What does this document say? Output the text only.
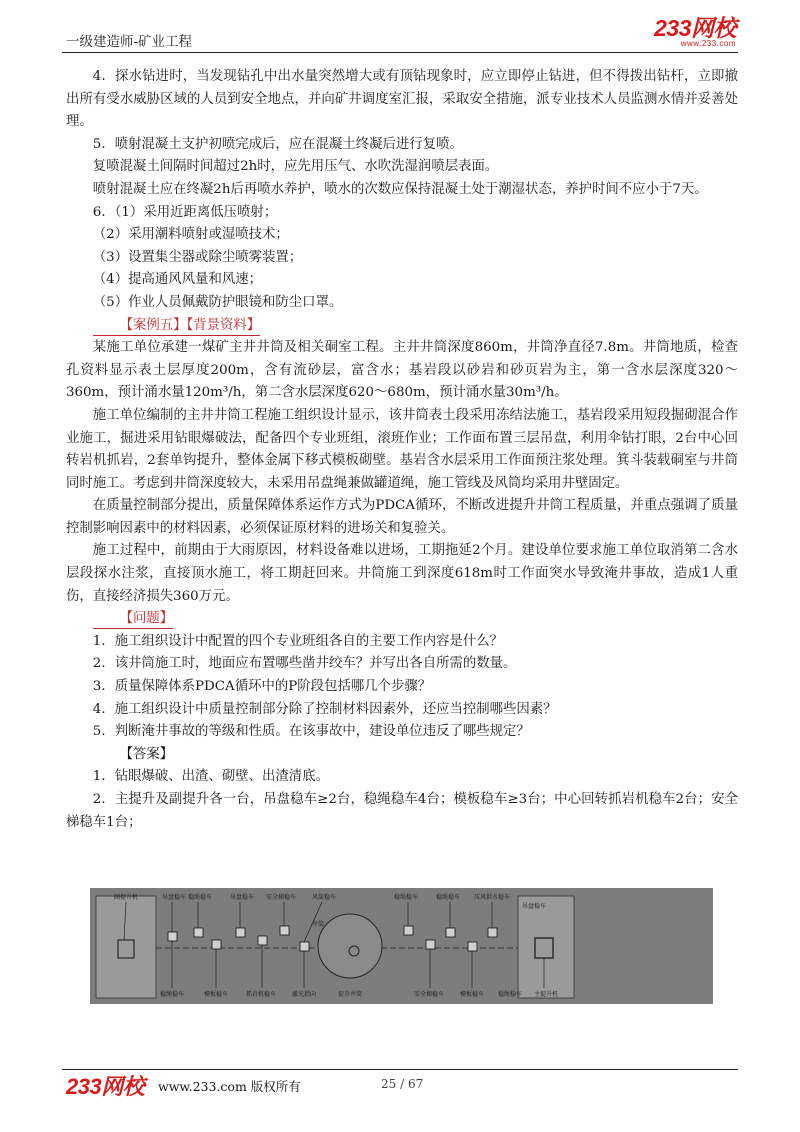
一级建造师-矿业工程
233网校
www.233.com

4．探水钻进时，当发现钻孔中出水量突然增大或有顶钻现象时，应立即停止钻进，但不得拨出钻杆，立即撤出所有受水威胁区域的人员到安全地点，并向矿井调度室汇报，采取安全措施，派专业技术人员监测水情并妥善处理。

5．喷射混凝土支护初喷完成后，应在混凝土终凝后进行复喷。

复喷混凝土间隔时间超过2h时，应先用压气、水吹洗湿润喷层表面。

喷射混凝土应在终凝2h后再喷水养护，喷水的次数应保持混凝土处于潮湿状态，养护时间不应小于7天。

6．（1）采用近距离低压喷射；

（2）采用潮料喷射或湿喷技术；

（3）设置集尘器或除尘喷雾装置；

（4）提高通风风量和风速；

（5）作业人员佩戴防护眼镜和防尘口罩。

【案例五】【背景资料】

某施工单位承建一煤矿主井井筒及相关硐室工程。主井井筒深度860m，井筒净直径7.8m。井筒地质，检查孔资料显示表土层厚度200m，含有流砂层，富含水；基岩段以砂岩和砂页岩为主，第一含水层深度320～360m，预计涌水量120m³/h，第二含水层深度620～680m，预计涌水量30m³/h。

施工单位编制的主井井筒工程施工组织设计显示，该井筒表土段采用冻结法施工，基岩段采用短段掘砌混合作业施工，掘进采用钻眼爆破法，配备四个专业班组，滚班作业；工作面布置三层吊盘，利用伞钻打眼，2台中心回转岩机抓岩，2套单钩提升，整体金属下移式模板砌壁。基岩含水层采用工作面预注浆处理。箕斗装载硐室与井筒同时施工。考虑到井筒深度较大，未采用吊盘绳兼做罐道绳，施工管线及风筒均采用井壁固定。

在质量控制部分提出，质量保障体系运作方式为PDCA循环，不断改进提升井筒工程质量，并重点强调了质量控制影响因素中的材料因素，必须保证原材料的进场关和复验关。

施工过程中，前期由于大雨原因，材料设备难以进场，工期拖延2个月。建设单位要求施工单位取消第二含水层段探水注浆，直接顶水施工，将工期赶回来。井筒施工到深度618m时工作面突水导致淹井事故，造成1人重伤，直接经济损失360万元。

【问题】

1．施工组织设计中配置的四个专业班组各自的主要工作内容是什么？

2．该井筒施工时，地面应布置哪些凿井绞车？并写出各自所需的数量。

3．质量保障体系PDCA循环中的P阶段包括哪几个步骤？

4．施工组织设计中质量控制部分除了控制材料因素外，还应当控制哪些因素？

5．判断淹井事故的等级和性质。在该事故中，建设单位违反了哪些规定？

【答案】

1．钻眼爆破、出渣、砌壁、出渣清底。

2．主提升及副提升各一台，吊盘稳车≥2台，稳绳稳车4台；模板稳车≥3台；中心回转抓岩机稳车2台；安全梯稳车1台；

副提升机	吊盘稳车 稳绳稳车	吊盘稳车 安全梯稳车	风筒稳车	稳绳稳车	稳绳稳车 压风供水稳车
井筒
稳绳稳车	模板稳车	抓岩机稳车	激光指向	提升井筒	安全梯稳车	模板稳车 稳绳稳车 主提升机
吊盘稳车
233网校 www.233.com 版权所有	25 / 67
